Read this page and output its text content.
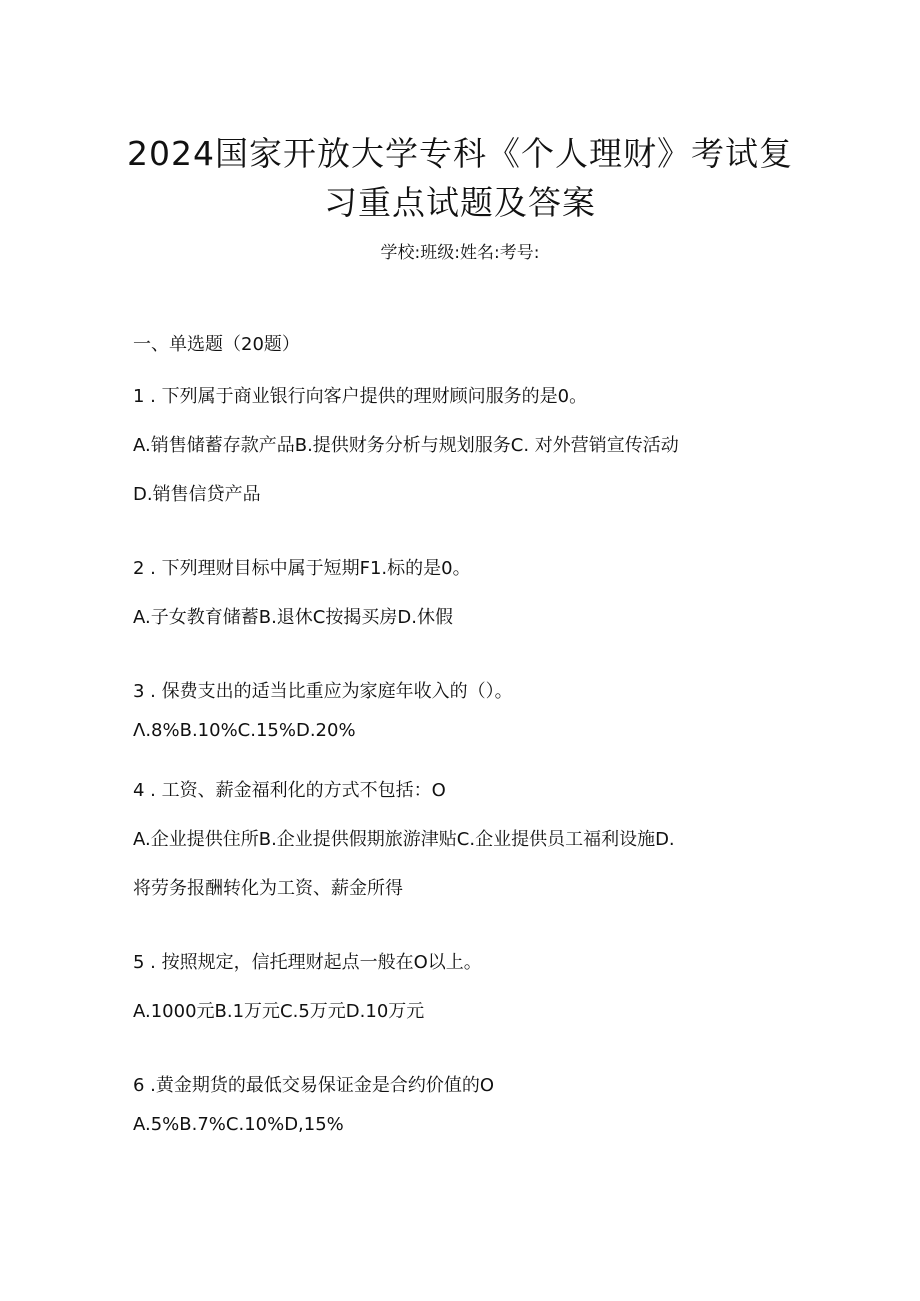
2024国家开放大学专科《个人理财》考试复
习重点试题及答案
学校:班级:姓名:考号:
一、单选题（20题）
1 . 下列属于商业银行向客户提供的理财顾问服务的是0。
A.销售储蓄存款产品B.提供财务分析与规划服务C. 对外营销宣传活动
D.销售信贷产品
2 . 下列理财目标中属于短期F1.标的是0。
A.子女教育储蓄B.退休C按揭买房D.休假
3 . 保费支出的适当比重应为家庭年收入的（）。
Λ.8%B.10%C.15%D.20%
4 . 工资、薪金福利化的方式不包括：O
A.企业提供住所B.企业提供假期旅游津贴C.企业提供员工福利设施D.
将劳务报酬转化为工资、薪金所得
5 . 按照规定，信托理财起点一般在O以上。
A.1000元B.1万元C.5万元D.10万元
6 .黄金期货的最低交易保证金是合约价值的O
A.5%B.7%C.10%D,15%
